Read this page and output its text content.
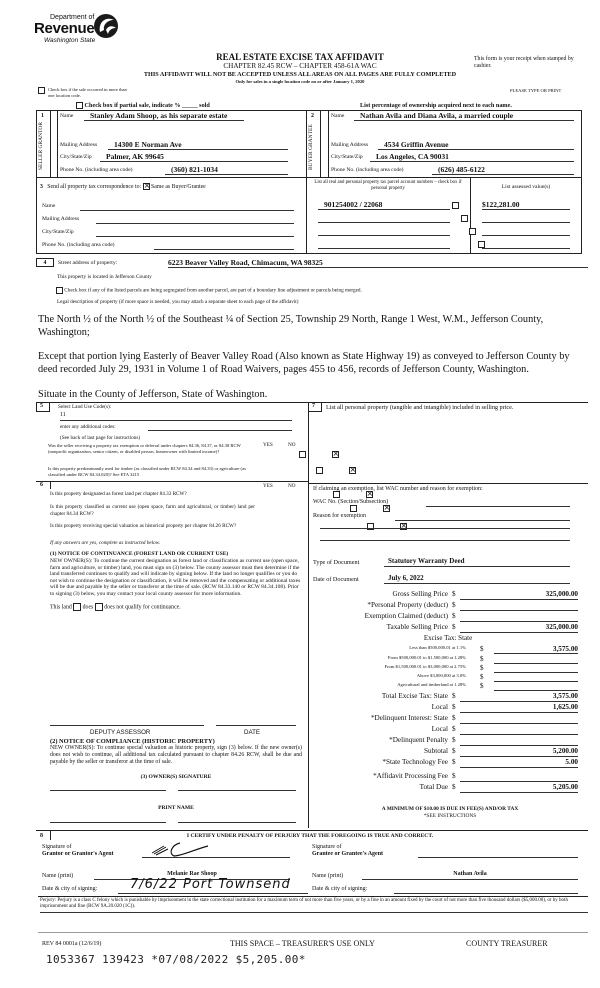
Department of
Revenue
Washington State
REAL ESTATE EXCISE TAX AFFIDAVIT
CHAPTER 82.45 RCW – CHAPTER 458-61A WAC
THIS AFFIDAVIT WILL NOT BE ACCEPTED UNLESS ALL AREAS ON ALL PAGES ARE FULLY COMPLETED
Only for sales in a single location code on or after January 1, 2020
This form is your receipt when stamped by cashier.
Check box if the sale occurred in more than one location code.
PLEASE TYPE OR PRINT
Check box if partial sale, indicate % _____ sold	List percentage of ownership acquired next to each name.
1	2
SELLER GRANTOR	BUYER GRANTEE
Name	Stanley Adam Shoop, as his separate estate
Mailing Address	14300 E Norman Ave
City/State/Zip	Palmer, AK 99645
Phone No. (including area code)	(360) 821-1034
Name	Nathan Avila and Diana Avila, a married couple
Mailing Address	4534 Griffin Avenue
City/State/Zip	Los Angeles, CA 90031
Phone No. (including area code)	(626) 485-6122
3 Send all property tax correspondence to: × Same as Buyer/Grantee
Name
Mailing Address
City/State/Zip
Phone No. (including area code)
List all real and personal property tax parcel account numbers – check box if personal property	List assessed value(s)
901254002 / 22068
	$122,281.00

4	Street address of property:	6223 Beaver Valley Road, Chimacum, WA 98325
This property is located in Jefferson County
Check box if any of the listed parcels are being segregated from another parcel, are part of a boundary line adjustment or parcels being merged.
Legal description of property (if more space is needed, you may attach a separate sheet to each page of the affidavit)
The North ½ of the North ½ of the Southeast ¼ of Section 25, Township 29 North, Range 1 West, W.M., Jefferson County, Washington;
Except that portion lying Easterly of Beaver Valley Road (Also known as State Highway 19) as conveyed to Jefferson County by deed recorded July 29, 1931 in Volume 1 of Road Waivers, pages 455 to 456, records of Jefferson County, Washington.
Situate in the County of Jefferson, State of Washington.
5	Select Land Use Code(s):
11
enter any additional codes:
(See back of last page for instructions)
YES	NO
Was the seller receiving a property tax exemption or deferral under chapters 84.36, 84.37, or 84.38 RCW (nonprofit organization, senior citizen, or disabled person, homeowner with limited income)?
×
Is this property predominantly used for timber (as classified under RCW 84.34 and 84.33) or agriculture (as classified under RCW 84.34.020)? See ETA 3215
×
6	YES	NO
Is this property designated as forest land per chapter 84.33 RCW?
×
Is this property classified as current use (open space, farm and agricultural, or timber) land per chapter 84.34 RCW?
×
Is this property receiving special valuation as historical property per chapter 84.26 RCW?
×
If any answers are yes, complete as instructed below.
(1) NOTICE OF CONTINUANCE (FOREST LAND OR CURRENT USE)
NEW OWNER(S): To continue the current designation as forest land or classification as current use (open space, farm and agriculture, or timber) land, you must sign on (3) below. The county assessor must then determine if the land transferred continues to qualify and will indicate by signing below. If the land no longer qualifies or you do not wish to continue the designation or classification, it will be removed and the compensating or additional taxes will be due and payable by the seller or transferor at the time of sale. (RCW 84.33.140 or RCW 84.34.108). Prior to signing (3) below, you may contact your local county assessor for more information.
This land does does not qualify for continuance.
DEPUTY ASSESSOR	DATE
(2) NOTICE OF COMPLIANCE (HISTORIC PROPERTY)
NEW OWNER(S): To continue special valuation as historic property, sign (3) below. If the new owner(s) does not wish to continue, all additional tax calculated pursuant to chapter 84.26 RCW, shall be due and payable by the seller or transferor at the time of sale.
(3) OWNER(S) SIGNATURE
PRINT NAME
7 List all personal property (tangible and intangible) included in selling price.
If claiming an exemption, list WAC number and reason for exemption:
WAC No. (Section/Subsection)
Reason for exemption
Type of Document	Statutory Warranty Deed
Date of Document	July 6, 2022
Gross Selling Price $	325,000.00
*Personal Property (deduct) $
Exemption Claimed (deduct) $
Taxable Selling Price $	325,000.00
Excise Tax: State
Less than $500,000.01 at 1.1% $	3,575.00
From $500,000.01 to $1,500,000 at 1.28% $
From $1,500,000.01 to $3,000,000 at 2.75% $
Above $3,000,000 at 3.0% $
Agricultural and timberland at 1.28% $
Total Excise Tax: State $	3,575.00
Local $	1,625.00
*Delinquent Interest: State $
Local $
*Delinquent Penalty $
Subtotal $	5,200.00
*State Technology Fee $	5.00
*Affidavit Processing Fee $
Total Due $	5,205.00
A MINIMUM OF $10.00 IS DUE IN FEE(S) AND/OR TAX
*SEE INSTRUCTIONS
8	I CERTIFY UNDER PENALTY OF PERJURY THAT THE FOREGOING IS TRUE AND CORRECT.
Signature of
Grantor or Grantor's Agent
Signature of
Grantee or Grantee's Agent
Name (print)	Melanie Rae Shoop	Name (print)	Nathan Avila
Date & city of signing:	7/6/22 Port Townsend	Date & city of signing:
Perjury: Perjury is a class C felony which is punishable by imprisonment in the state correctional institution for a maximum term of not more than five years, or by a fine in an amount fixed by the court of not more than five thousand dollars ($5,000.00), or by both imprisonment and fine (RCW 9A.20.020 (1C)).
REV 84 0001a (12/6/19)	THIS SPACE – TREASURER'S USE ONLY	COUNTY TREASURER
1053367 139423 *07/08/2022 $5,205.00*
